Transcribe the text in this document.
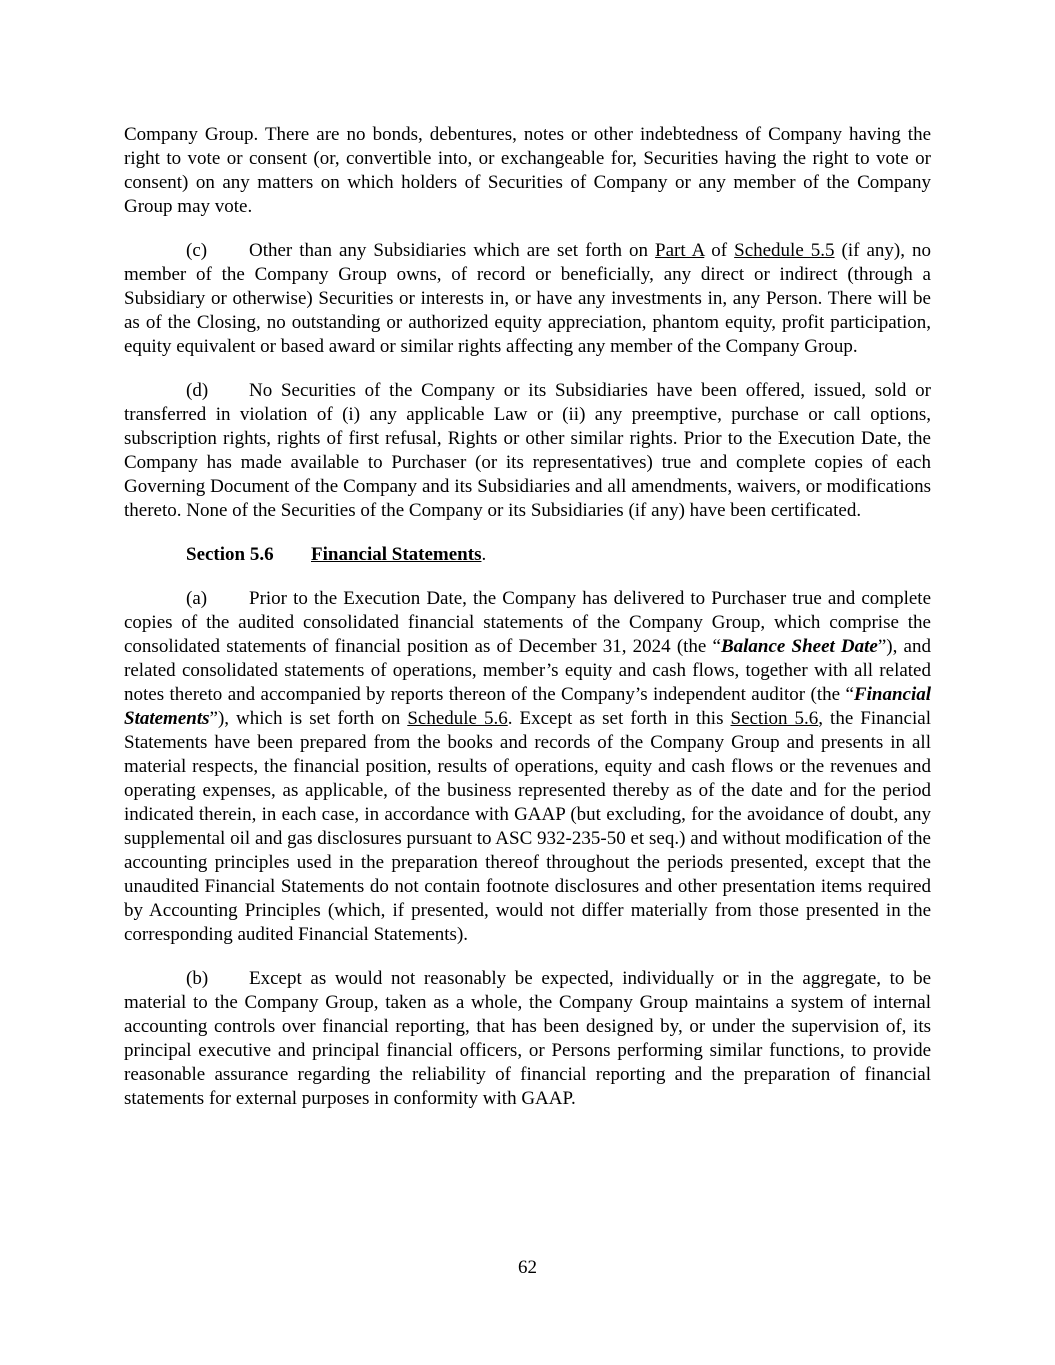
Company Group. There are no bonds, debentures, notes or other indebtedness of Company having the right to vote or consent (or, convertible into, or exchangeable for, Securities having the right to vote or consent) on any matters on which holders of Securities of Company or any member of the Company Group may vote.

(c) Other than any Subsidiaries which are set forth on Part A of Schedule 5.5 (if any), no member of the Company Group owns, of record or beneficially, any direct or indirect (through a Subsidiary or otherwise) Securities or interests in, or have any investments in, any Person. There will be as of the Closing, no outstanding or authorized equity appreciation, phantom equity, profit participation, equity equivalent or based award or similar rights affecting any member of the Company Group.

(d) No Securities of the Company or its Subsidiaries have been offered, issued, sold or transferred in violation of (i) any applicable Law or (ii) any preemptive, purchase or call options, subscription rights, rights of first refusal, Rights or other similar rights. Prior to the Execution Date, the Company has made available to Purchaser (or its representatives) true and complete copies of each Governing Document of the Company and its Subsidiaries and all amendments, waivers, or modifications thereto. None of the Securities of the Company or its Subsidiaries (if any) have been certificated.

Section 5.6 Financial Statements.

(a) Prior to the Execution Date, the Company has delivered to Purchaser true and complete copies of the audited consolidated financial statements of the Company Group, which comprise the consolidated statements of financial position as of December 31, 2024 (the “Balance Sheet Date”), and related consolidated statements of operations, member’s equity and cash flows, together with all related notes thereto and accompanied by reports thereon of the Company’s independent auditor (the “Financial Statements”), which is set forth on Schedule 5.6. Except as set forth in this Section 5.6, the Financial Statements have been prepared from the books and records of the Company Group and presents in all material respects, the financial position, results of operations, equity and cash flows or the revenues and operating expenses, as applicable, of the business represented thereby as of the date and for the period indicated therein, in each case, in accordance with GAAP (but excluding, for the avoidance of doubt, any supplemental oil and gas disclosures pursuant to ASC 932-235-50 et seq.) and without modification of the accounting principles used in the preparation thereof throughout the periods presented, except that the unaudited Financial Statements do not contain footnote disclosures and other presentation items required by Accounting Principles (which, if presented, would not differ materially from those presented in the corresponding audited Financial Statements).

(b) Except as would not reasonably be expected, individually or in the aggregate, to be material to the Company Group, taken as a whole, the Company Group maintains a system of internal accounting controls over financial reporting, that has been designed by, or under the supervision of, its principal executive and principal financial officers, or Persons performing similar functions, to provide reasonable assurance regarding the reliability of financial reporting and the preparation of financial statements for external purposes in conformity with GAAP.

62
